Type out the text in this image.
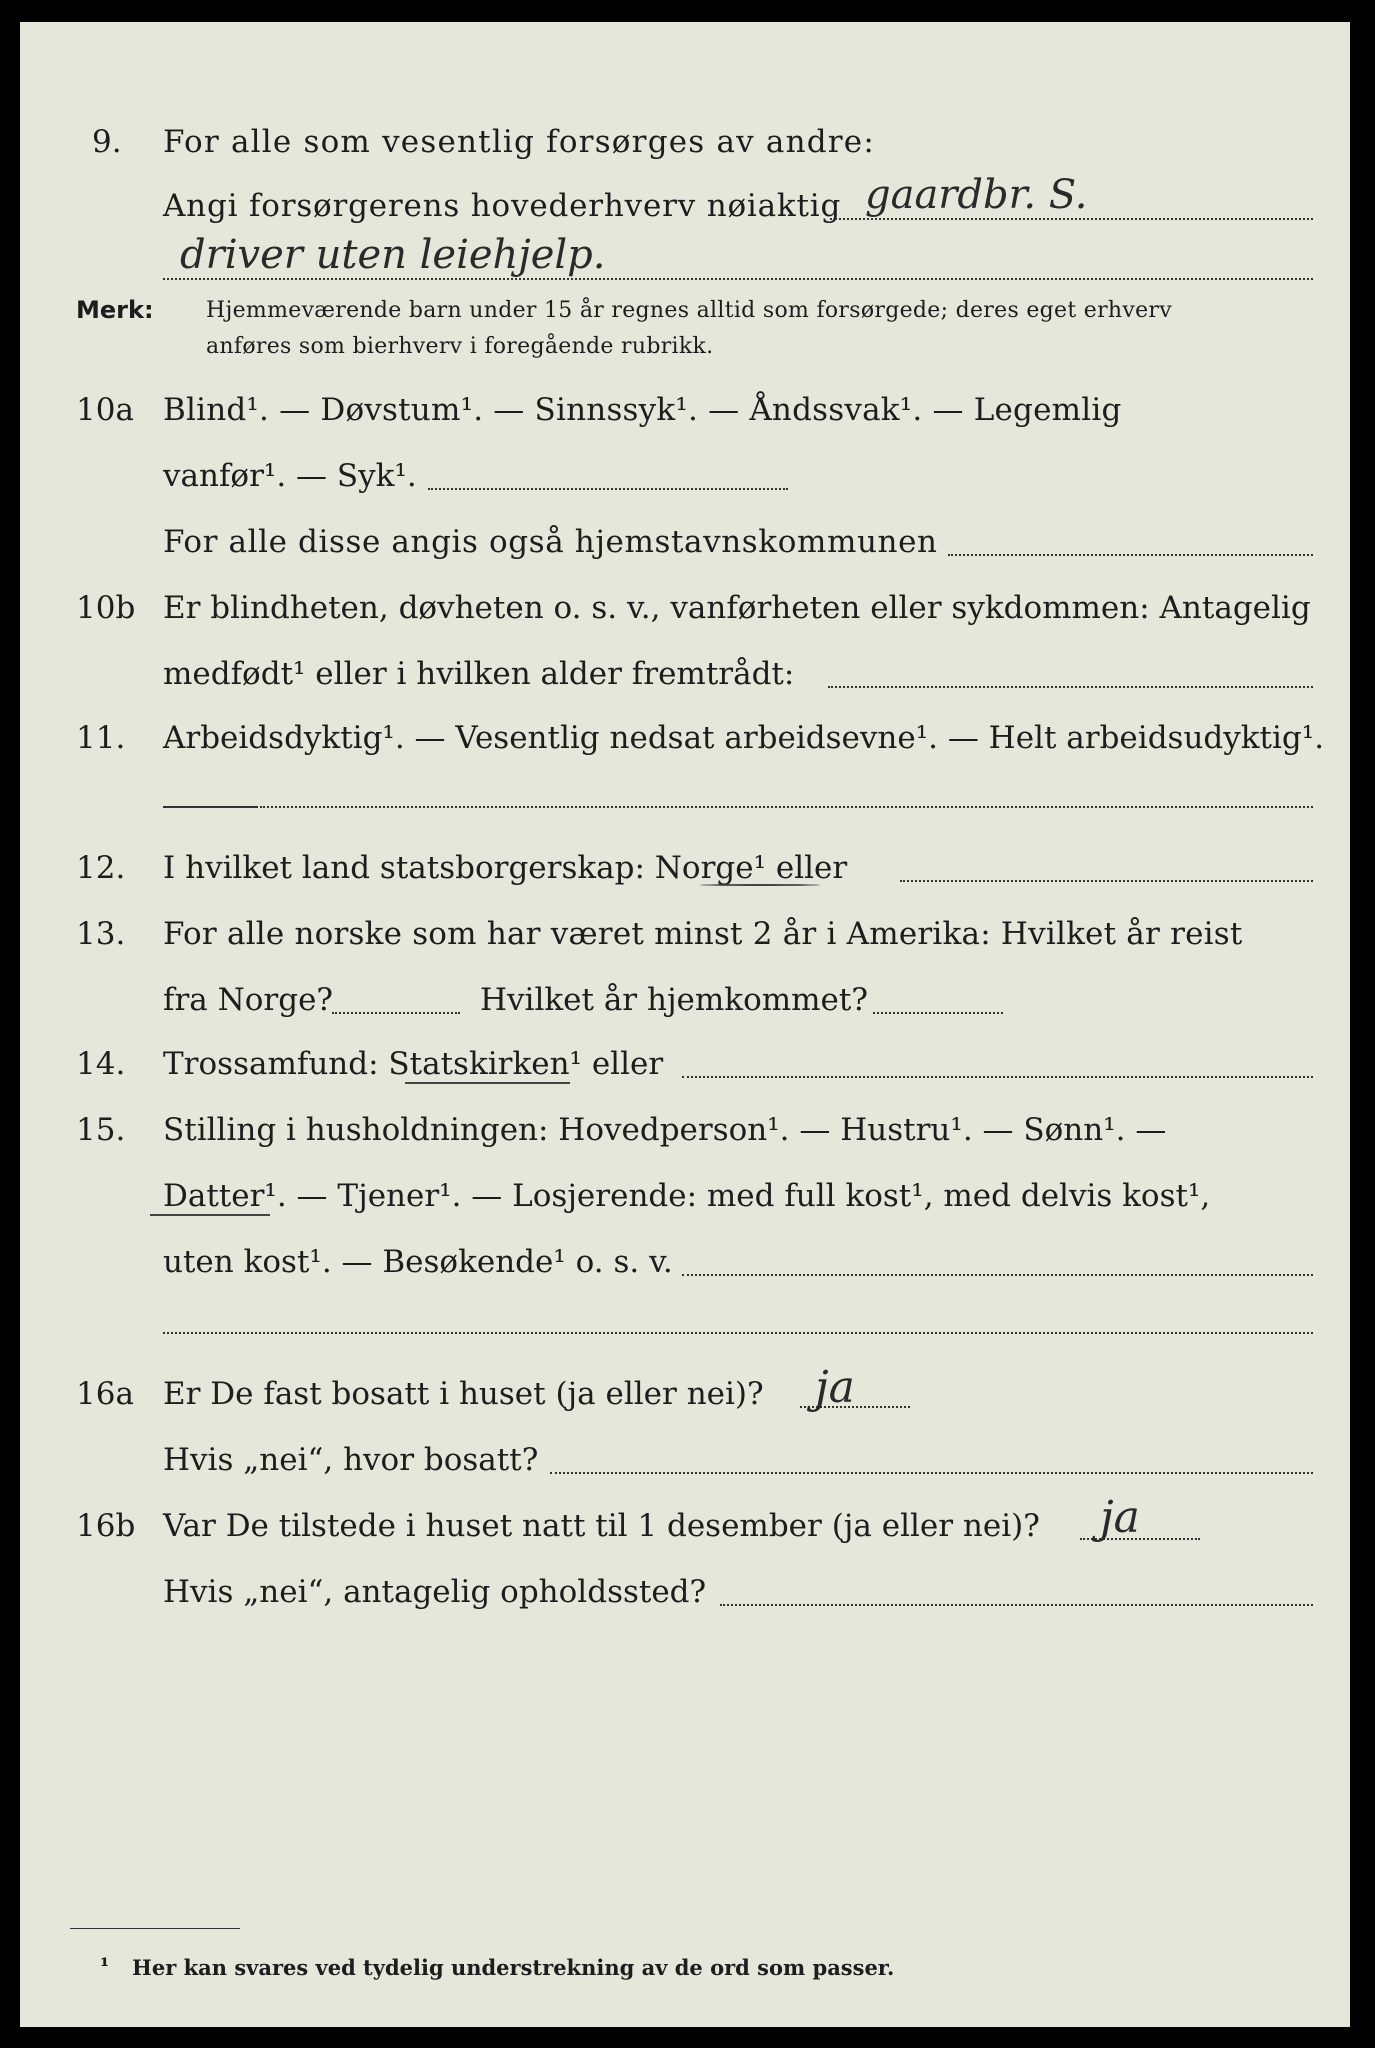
9. For alle som vesentlig forsørges av andre:
Angi forsørgerens hovederhverv nøiaktig gaardbr. S.
driver uten leiehjelp.
Merk: Hjemmeværende barn under 15 år regnes alltid som forsørgede; deres eget erhverv
anføres som bierhverv i foregående rubrikk.
10a Blind¹. — Døvstum¹. — Sinnssyk¹. — Åndssvak¹. — Legemlig
vanfør¹. — Syk¹.
For alle disse angis også hjemstavnskommunen
10b Er blindheten, døvheten o. s. v., vanførheten eller sykdommen: Antagelig
medfødt¹ eller i hvilken alder fremtrådt:
11. Arbeidsdyktig¹. — Vesentlig nedsat arbeidsevne¹. — Helt arbeidsudyktig¹.
12. I hvilket land statsborgerskap: Norge¹ eller
13. For alle norske som har været minst 2 år i Amerika: Hvilket år reist
fra Norge?	Hvilket år hjemkommet?
14. Trossamfund: Statskirken¹ eller
15. Stilling i husholdningen: Hovedperson¹. — Hustru¹. — Sønn¹. —
Datter¹. — Tjener¹. — Losjerende: med full kost¹, med delvis kost¹,
uten kost¹. — Besøkende¹ o. s. v.
16a Er De fast bosatt i huset (ja eller nei)? ja
Hvis „nei“, hvor bosatt?
16b Var De tilstede i huset natt til 1 desember (ja eller nei)? ja
Hvis „nei“, antagelig opholdssted?
¹ Her kan svares ved tydelig understrekning av de ord som passer.
